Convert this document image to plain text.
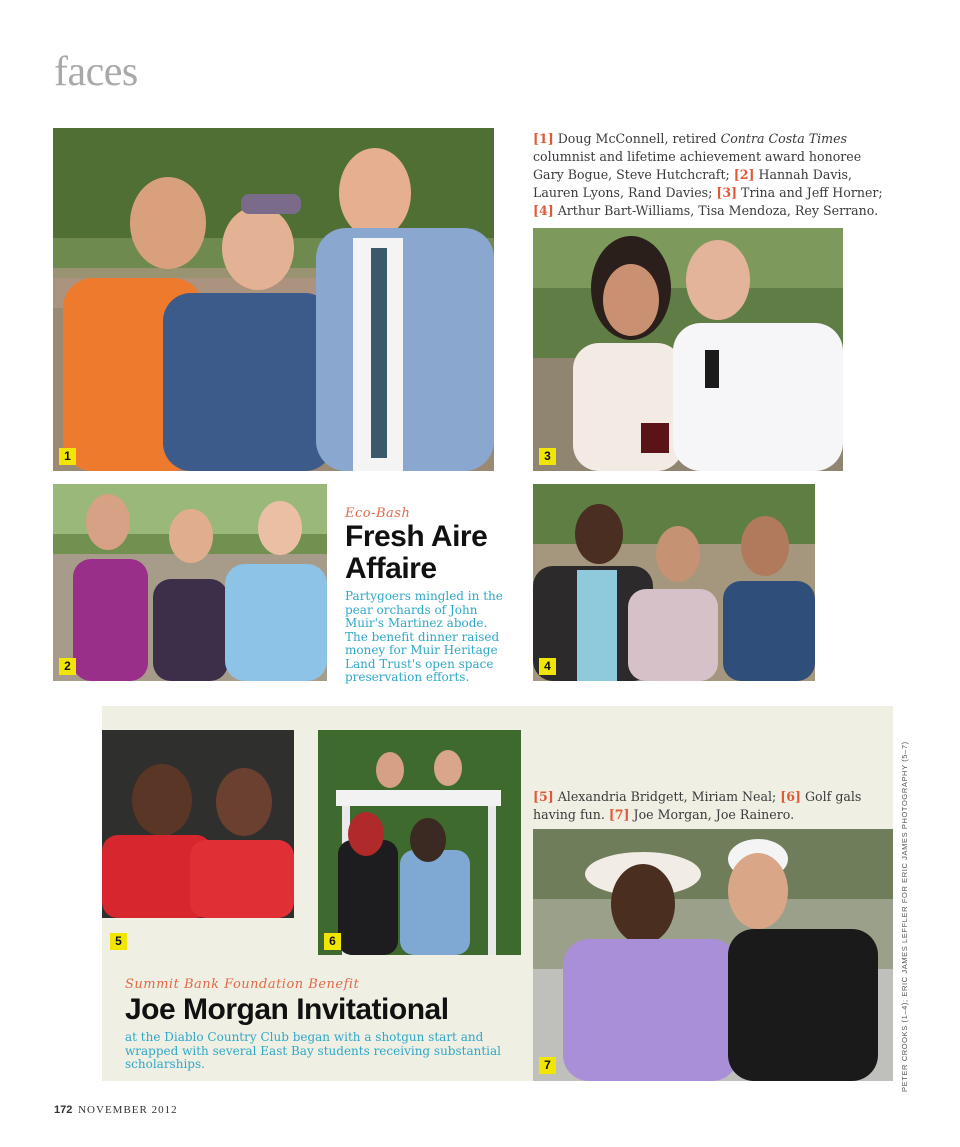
faces
1
[1] Doug McConnell, retired Contra Costa Times columnist and lifetime achievement award honoree Gary Bogue, Steve Hutchcraft; [2] Hannah Davis, Lauren Lyons, Rand Davies; [3] Trina and Jeff Horner; [4] Arthur Bart-Williams, Tisa Mendoza, Rey Serrano.
3
2
Eco-Bash
Fresh Aire
Affaire
Partygoers mingled in the pear orchards of John Muir's Martinez abode. The benefit dinner raised money for Muir Heritage Land Trust's open space preservation efforts.
4
5	6
[5] Alexandria Bridgett, Miriam Neal; [6] Golf gals having fun. [7] Joe Morgan, Joe Rainero.
7
Summit Bank Foundation Benefit
Joe Morgan Invitational
at the Diablo Country Club began with a shotgun start and wrapped with several East Bay students receiving substantial scholarships.	PETER CROOKS (1–4); ERIC JAMES LEFFLER FOR ERIC JAMES PHOTOGRAPHY (5–7)
172 NOVEMBER 2012
